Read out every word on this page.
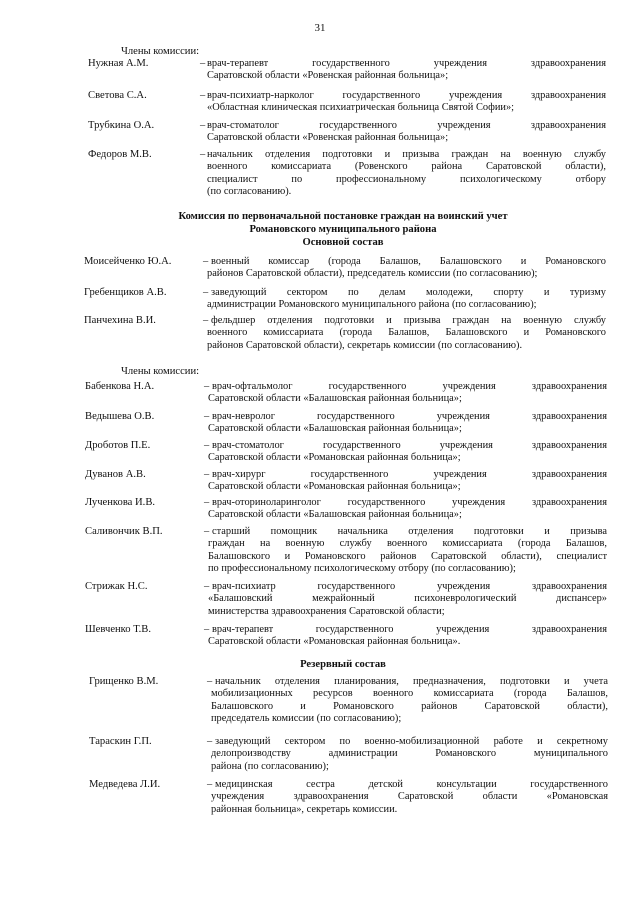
31
Члены комиссии:
Нужная А.М.	– врач-терапевт государственного учреждения здравоохранения
Саратовской области «Ровенская районная больница»;
Светова С.А.	– врач-психиатр-нарколог государственного учреждения здравоохранения
«Областная клиническая психиатрическая больница Святой Софии»;
Трубкина О.А.	– врач-стоматолог государственного учреждения здравоохранения
Саратовской области «Ровенская районная больница»;
Федоров М.В.	– начальник отделения подготовки и призыва граждан на военную службу
военного комиссариата (Ровенского района Саратовской области),
специалист по профессиональному психологическому отбору
(по согласованию).
Комиссия по первоначальной постановке граждан на воинский учет
Романовского муниципального района
Основной состав
Моисейченко Ю.А.	– военный комиссар (города Балашов, Балашовского и Романовского
районов Саратовской области), председатель комиссии (по согласованию);
Гребенщиков А.В.	– заведующий сектором по делам молодежи, спорту и туризму
администрации Романовского муниципального района (по согласованию);
Панчехина В.И.	– фельдшер отделения подготовки и призыва граждан на военную службу
военного комиссариата (города Балашов, Балашовского и Романовского
районов Саратовской области), секретарь комиссии (по согласованию).
Члены комиссии:
Бабенкова Н.А.	– врач-офтальмолог государственного учреждения здравоохранения
Саратовской области «Балашовская районная больница»;
Ведышева О.В.	– врач-невролог государственного учреждения здравоохранения
Саратовской области «Балашовская районная больница»;
Дроботов П.Е.	– врач-стоматолог государственного учреждения здравоохранения
Саратовской области «Романовская районная больница»;
Дуванов А.В.	– врач-хирург государственного учреждения здравоохранения
Саратовской области «Романовская районная больница»;
Лученкова И.В.	– врач-оториноларинголог государственного учреждения здравоохранения
Саратовской области «Балашовская районная больница»;
Саливончик В.П.	– старший помощник начальника отделения подготовки и призыва
граждан на военную службу военного комиссариата (города Балашов,
Балашовского и Романовского районов Саратовской области), специалист
по профессиональному психологическому отбору (по согласованию);
Стрижак Н.С.	– врач-психиатр государственного учреждения здравоохранения
«Балашовский межрайонный психоневрологический диспансер»
министерства здравоохранения Саратовской области;
Шевченко Т.В.	– врач-терапевт государственного учреждения здравоохранения
Саратовской области «Романовская районная больница».
Резервный состав
Грищенко В.М.	– начальник отделения планирования, предназначения, подготовки и учета
мобилизационных ресурсов военного комиссариата (города Балашов,
Балашовского и Романовского районов Саратовской области),
председатель комиссии (по согласованию);
Тараскин Г.П.	– заведующий сектором по военно-мобилизационной работе и секретному
делопроизводству администрации Романовского муниципального
района (по согласованию);
Медведева Л.И.	– медицинская сестра детской консультации государственного
учреждения здравоохранения Саратовской области «Романовская
районная больница», секретарь комиссии.
